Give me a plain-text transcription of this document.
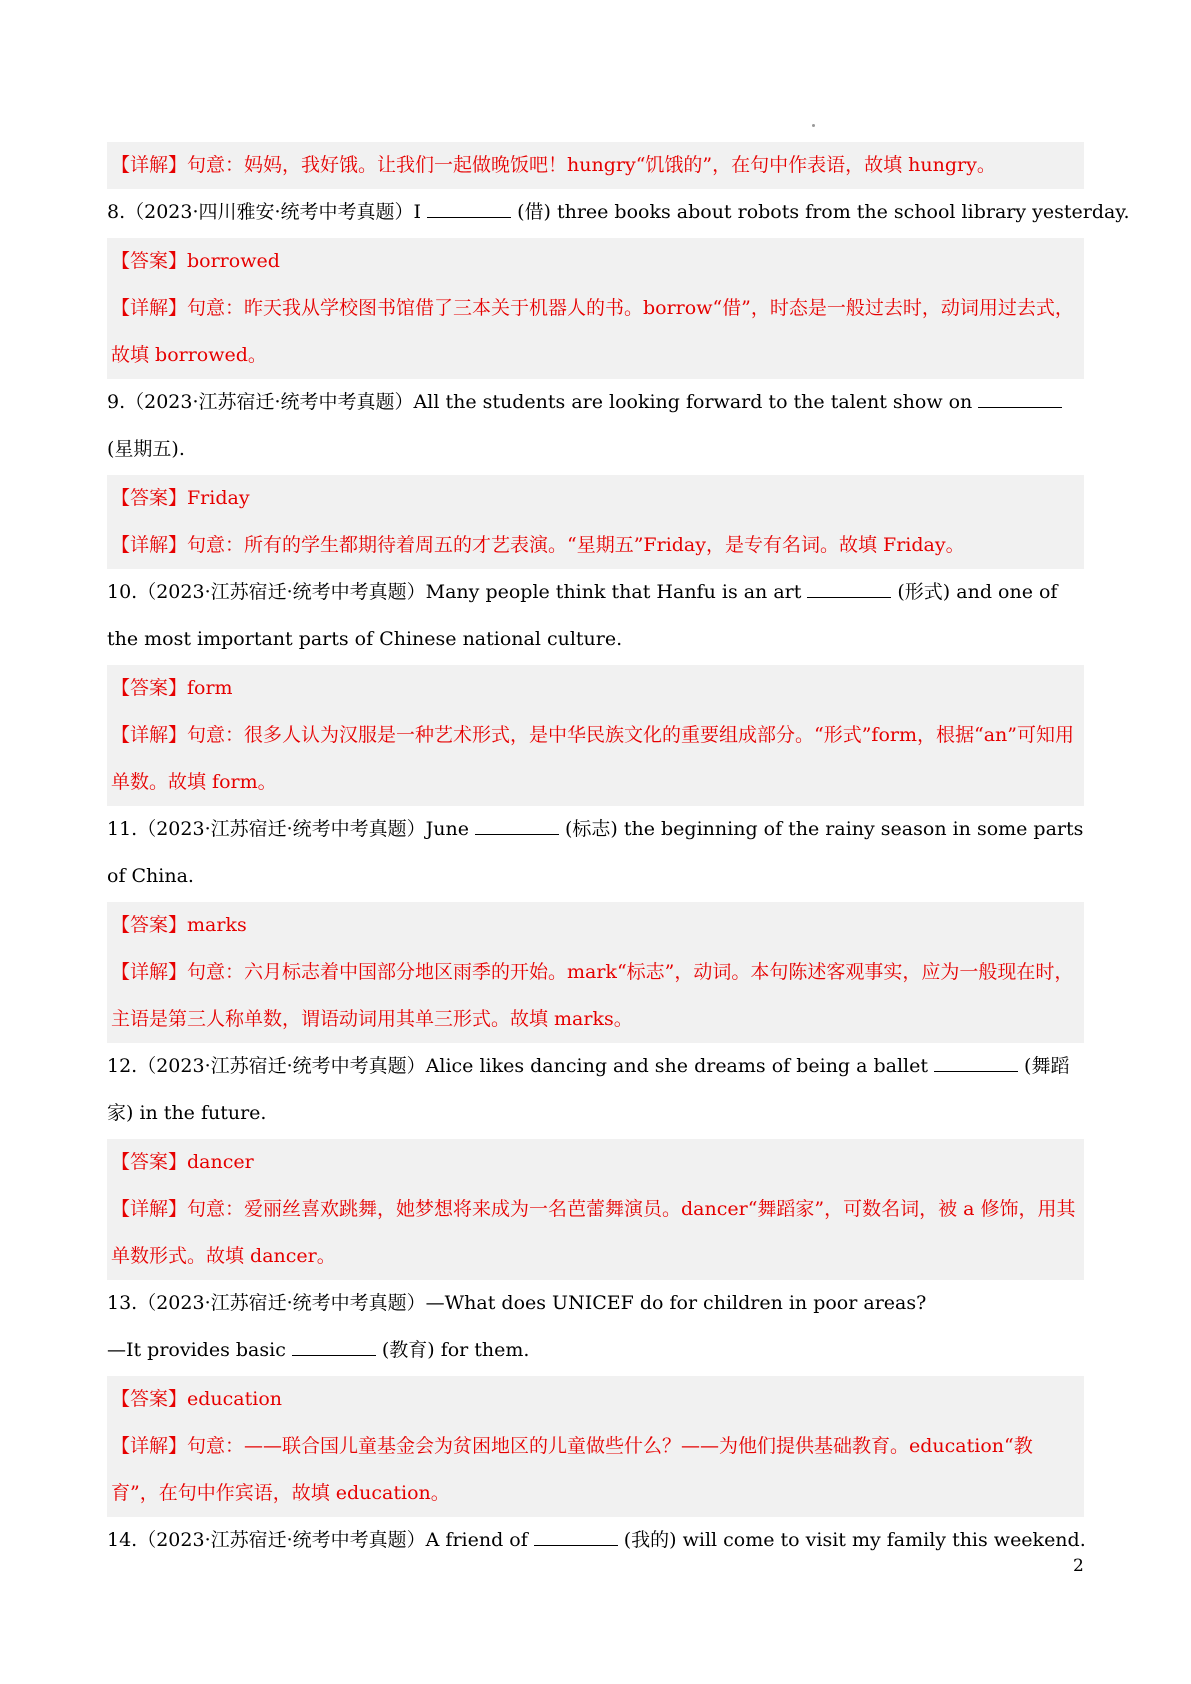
【详解】句意：妈妈，我好饿。让我们一起做晚饭吧！hungry“饥饿的”，在句中作表语，故填 hungry。

8.（2023·四川雅安·统考中考真题）I	(借) three books about robots from the school library yesterday.

【答案】borrowed

【详解】句意：昨天我从学校图书馆借了三本关于机器人的书。borrow“借”，时态是一般过去时，动词用过去式，故填 borrowed。

9.（2023·江苏宿迁·统考中考真题）All the students are looking forward to the talent show on(星期五).

【答案】Friday

【详解】句意：所有的学生都期待着周五的才艺表演。“星期五”Friday，是专有名词。故填 Friday。

10.（2023·江苏宿迁·统考中考真题）Many people think that Hanfu is an art	(形式) and one of the most important parts of Chinese national culture.

【答案】form

【详解】句意：很多人认为汉服是一种艺术形式，是中华民族文化的重要组成部分。“形式”form，根据“an”可知用单数。故填 form。

11.（2023·江苏宿迁·统考中考真题）June	(标志) the beginning of the rainy season in some parts of China.

【答案】marks

【详解】句意：六月标志着中国部分地区雨季的开始。mark“标志”，动词。本句陈述客观事实，应为一般现在时，主语是第三人称单数，谓语动词用其单三形式。故填 marks。

12.（2023·江苏宿迁·统考中考真题）Alice likes dancing and she dreams of being a ballet	(舞蹈家) in the future.

【答案】dancer

【详解】句意：爱丽丝喜欢跳舞，她梦想将来成为一名芭蕾舞演员。dancer“舞蹈家”，可数名词，被 a 修饰，用其单数形式。故填 dancer。

13.（2023·江苏宿迁·统考中考真题）—What does UNICEF do for children in poor areas?
—It provides basic	(教育) for them.

【答案】education

【详解】句意：——联合国儿童基金会为贫困地区的儿童做些什么？——为他们提供基础教育。education“教育”，在句中作宾语，故填 education。

14.（2023·江苏宿迁·统考中考真题）A friend of	(我的) will come to visit my family this weekend.
2
